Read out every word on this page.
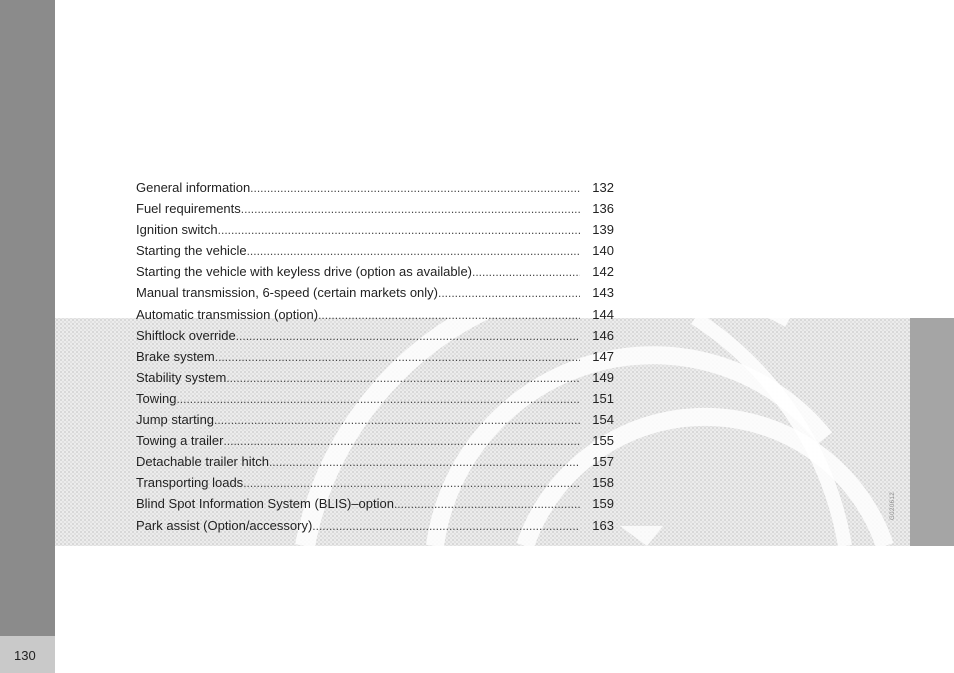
130
G020612
General information .....	132
Fuel requirements .....	136
Ignition switch .....	139
Starting the vehicle .....	140
Starting the vehicle with keyless drive (option as available) .....	142
Manual transmission, 6-speed (certain markets only) .....	143
Automatic transmission (option) .....	144
Shiftlock override .....	146
Brake system .....	147
Stability system .....	149
Towing .....	151
Jump starting .....	154
Towing a trailer .....	155
Detachable trailer hitch .....	157
Transporting loads .....	158
Blind Spot Information System (BLIS)–option .....	159
Park assist (Option/accessory) .....	163
